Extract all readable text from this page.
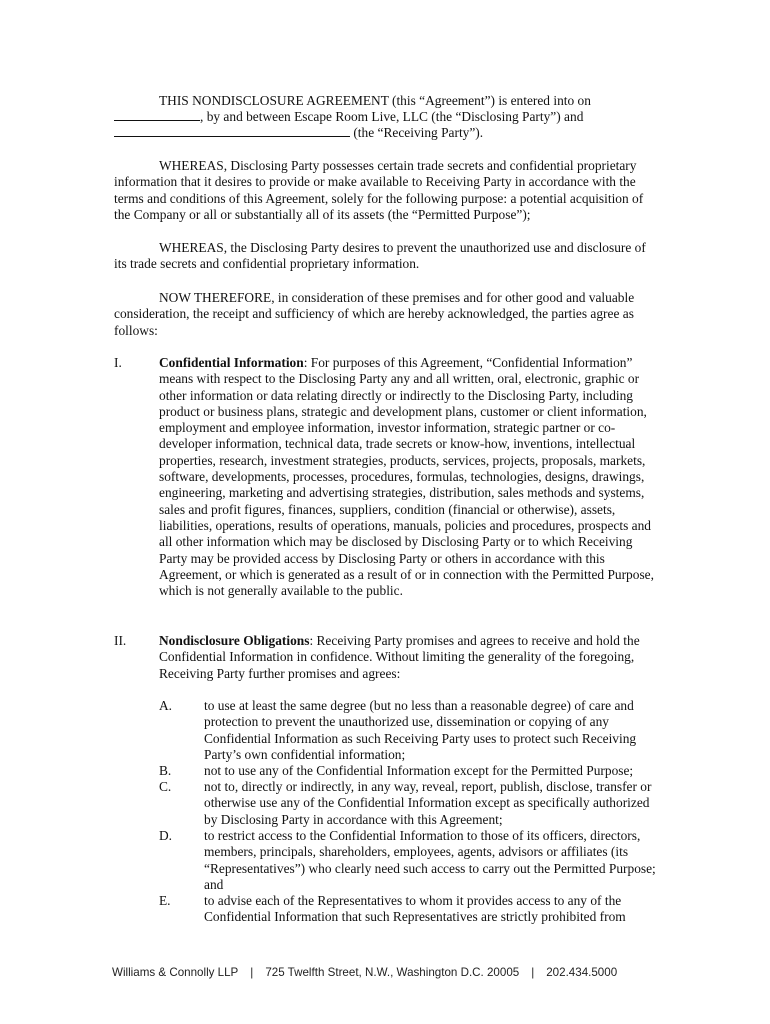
THIS NONDISCLOSURE AGREEMENT (this “Agreement”) is entered into on

, by and between Escape Room Live, LLC (the “Disclosing Party”) and

(the “Receiving Party”).

WHEREAS, Disclosing Party possesses certain trade secrets and confidential proprietary information that it desires to provide or make available to Receiving Party in accordance with the terms and conditions of this Agreement, solely for the following purpose: a potential acquisition of the Company or all or substantially all of its assets (the “Permitted Purpose”);

WHEREAS, the Disclosing Party desires to prevent the unauthorized use and disclosure of its trade secrets and confidential proprietary information.

NOW THEREFORE, in consideration of these premises and for other good and valuable consideration, the receipt and sufficiency of which are hereby acknowledged, the parties agree as follows:

I.	Confidential Information: For purposes of this Agreement, “Confidential Information” means with respect to the Disclosing Party any and all written, oral, electronic, graphic or other information or data relating directly or indirectly to the Disclosing Party, including product or business plans, strategic and development plans, customer or client information, employment and employee information, investor information, strategic partner or co-developer information, technical data, trade secrets or know-how, inventions, intellectual properties, research, investment strategies, products, services, projects, proposals, markets, software, developments, processes, procedures, formulas, technologies, designs, drawings, engineering, marketing and advertising strategies, distribution, sales methods and systems, sales and profit figures, finances, suppliers, condition (financial or otherwise), assets, liabilities, operations, results of operations, manuals, policies and procedures, prospects and all other information which may be disclosed by Disclosing Party or to which Receiving Party may be provided access by Disclosing Party or others in accordance with this Agreement, or which is generated as a result of or in connection with the Permitted Purpose, which is not generally available to the public.
II.	Nondisclosure Obligations: Receiving Party promises and agrees to receive and hold the Confidential Information in confidence. Without limiting the generality of the foregoing, Receiving Party further promises and agrees:
A.	to use at least the same degree (but no less than a reasonable degree) of care and protection to prevent the unauthorized use, dissemination or copying of any Confidential Information as such Receiving Party uses to protect such Receiving Party’s own confidential information;
B.	not to use any of the Confidential Information except for the Permitted Purpose;
C.	not to, directly or indirectly, in any way, reveal, report, publish, disclose, transfer or otherwise use any of the Confidential Information except as specifically authorized by Disclosing Party in accordance with this Agreement;
D.	to restrict access to the Confidential Information to those of its officers, directors, members, principals, shareholders, employees, agents, advisors or affiliates (its “Representatives”) who clearly need such access to carry out the Permitted Purpose; and
E.	to advise each of the Representatives to whom it provides access to any of the Confidential Information that such Representatives are strictly prohibited from
Williams & Connolly LLP | 725 Twelfth Street, N.W., Washington D.C. 20005 | 202.434.5000
